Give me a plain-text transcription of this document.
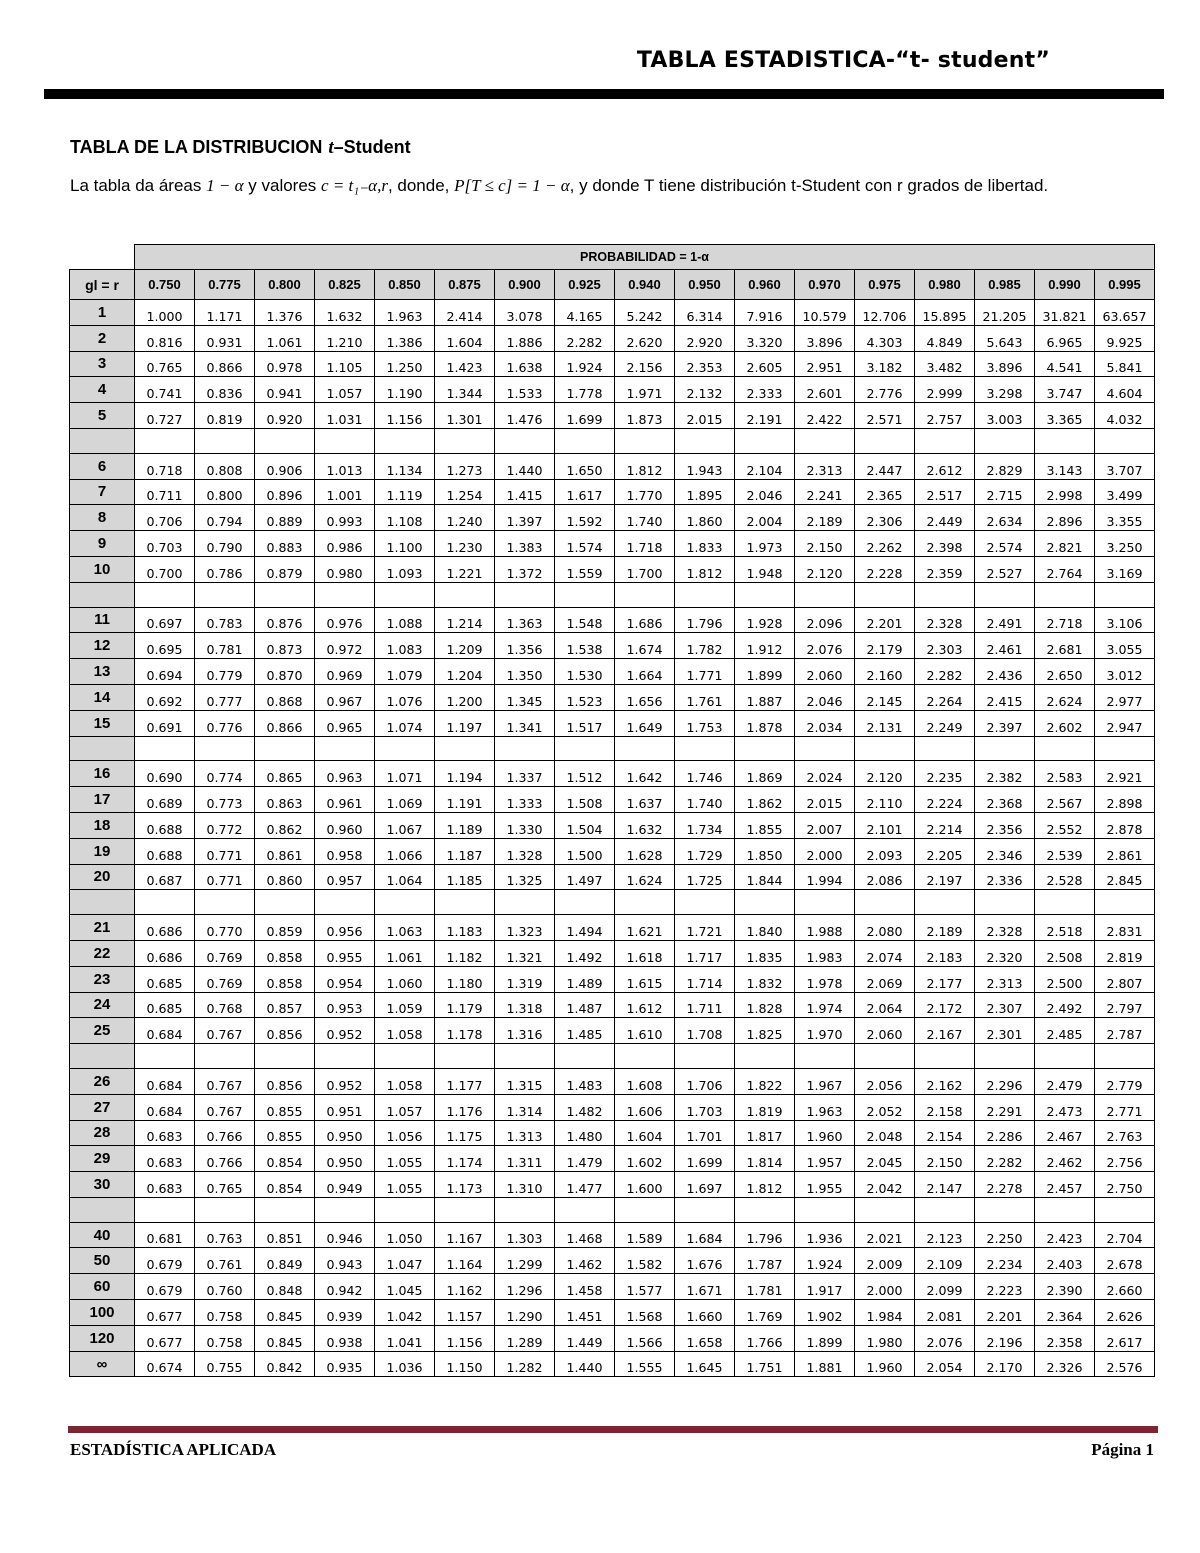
TABLA ESTADISTICA-“t- student”
TABLA DE LA DISTRIBUCION t–Student
La tabla da áreas 1 − α y valores c = t₁₋α,r, donde, P[T ≤ c] = 1 − α, y donde T tiene distribución t-Student con r grados de libertad.
	PROBABILIDAD = 1-α																
gl = r	0.750	0.775	0.800	0.825	0.850	0.875	0.900	0.925	0.940	0.950	0.960	0.970	0.975	0.980	0.985	0.990	0.995
1	1.000	1.171	1.376	1.632	1.963	2.414	3.078	4.165	5.242	6.314	7.916	10.579	12.706	15.895	21.205	31.821	63.657
2	0.816	0.931	1.061	1.210	1.386	1.604	1.886	2.282	2.620	2.920	3.320	3.896	4.303	4.849	5.643	6.965	9.925
3	0.765	0.866	0.978	1.105	1.250	1.423	1.638	1.924	2.156	2.353	2.605	2.951	3.182	3.482	3.896	4.541	5.841
4	0.741	0.836	0.941	1.057	1.190	1.344	1.533	1.778	1.971	2.132	2.333	2.601	2.776	2.999	3.298	3.747	4.604
5	0.727	0.819	0.920	1.031	1.156	1.301	1.476	1.699	1.873	2.015	2.191	2.422	2.571	2.757	3.003	3.365	4.032

6	0.718	0.808	0.906	1.013	1.134	1.273	1.440	1.650	1.812	1.943	2.104	2.313	2.447	2.612	2.829	3.143	3.707
7	0.711	0.800	0.896	1.001	1.119	1.254	1.415	1.617	1.770	1.895	2.046	2.241	2.365	2.517	2.715	2.998	3.499
8	0.706	0.794	0.889	0.993	1.108	1.240	1.397	1.592	1.740	1.860	2.004	2.189	2.306	2.449	2.634	2.896	3.355
9	0.703	0.790	0.883	0.986	1.100	1.230	1.383	1.574	1.718	1.833	1.973	2.150	2.262	2.398	2.574	2.821	3.250
10	0.700	0.786	0.879	0.980	1.093	1.221	1.372	1.559	1.700	1.812	1.948	2.120	2.228	2.359	2.527	2.764	3.169

11	0.697	0.783	0.876	0.976	1.088	1.214	1.363	1.548	1.686	1.796	1.928	2.096	2.201	2.328	2.491	2.718	3.106
12	0.695	0.781	0.873	0.972	1.083	1.209	1.356	1.538	1.674	1.782	1.912	2.076	2.179	2.303	2.461	2.681	3.055
13	0.694	0.779	0.870	0.969	1.079	1.204	1.350	1.530	1.664	1.771	1.899	2.060	2.160	2.282	2.436	2.650	3.012
14	0.692	0.777	0.868	0.967	1.076	1.200	1.345	1.523	1.656	1.761	1.887	2.046	2.145	2.264	2.415	2.624	2.977
15	0.691	0.776	0.866	0.965	1.074	1.197	1.341	1.517	1.649	1.753	1.878	2.034	2.131	2.249	2.397	2.602	2.947

16	0.690	0.774	0.865	0.963	1.071	1.194	1.337	1.512	1.642	1.746	1.869	2.024	2.120	2.235	2.382	2.583	2.921
17	0.689	0.773	0.863	0.961	1.069	1.191	1.333	1.508	1.637	1.740	1.862	2.015	2.110	2.224	2.368	2.567	2.898
18	0.688	0.772	0.862	0.960	1.067	1.189	1.330	1.504	1.632	1.734	1.855	2.007	2.101	2.214	2.356	2.552	2.878
19	0.688	0.771	0.861	0.958	1.066	1.187	1.328	1.500	1.628	1.729	1.850	2.000	2.093	2.205	2.346	2.539	2.861
20	0.687	0.771	0.860	0.957	1.064	1.185	1.325	1.497	1.624	1.725	1.844	1.994	2.086	2.197	2.336	2.528	2.845

21	0.686	0.770	0.859	0.956	1.063	1.183	1.323	1.494	1.621	1.721	1.840	1.988	2.080	2.189	2.328	2.518	2.831
22	0.686	0.769	0.858	0.955	1.061	1.182	1.321	1.492	1.618	1.717	1.835	1.983	2.074	2.183	2.320	2.508	2.819
23	0.685	0.769	0.858	0.954	1.060	1.180	1.319	1.489	1.615	1.714	1.832	1.978	2.069	2.177	2.313	2.500	2.807
24	0.685	0.768	0.857	0.953	1.059	1.179	1.318	1.487	1.612	1.711	1.828	1.974	2.064	2.172	2.307	2.492	2.797
25	0.684	0.767	0.856	0.952	1.058	1.178	1.316	1.485	1.610	1.708	1.825	1.970	2.060	2.167	2.301	2.485	2.787

26	0.684	0.767	0.856	0.952	1.058	1.177	1.315	1.483	1.608	1.706	1.822	1.967	2.056	2.162	2.296	2.479	2.779
27	0.684	0.767	0.855	0.951	1.057	1.176	1.314	1.482	1.606	1.703	1.819	1.963	2.052	2.158	2.291	2.473	2.771
28	0.683	0.766	0.855	0.950	1.056	1.175	1.313	1.480	1.604	1.701	1.817	1.960	2.048	2.154	2.286	2.467	2.763
29	0.683	0.766	0.854	0.950	1.055	1.174	1.311	1.479	1.602	1.699	1.814	1.957	2.045	2.150	2.282	2.462	2.756
30	0.683	0.765	0.854	0.949	1.055	1.173	1.310	1.477	1.600	1.697	1.812	1.955	2.042	2.147	2.278	2.457	2.750

40	0.681	0.763	0.851	0.946	1.050	1.167	1.303	1.468	1.589	1.684	1.796	1.936	2.021	2.123	2.250	2.423	2.704
50	0.679	0.761	0.849	0.943	1.047	1.164	1.299	1.462	1.582	1.676	1.787	1.924	2.009	2.109	2.234	2.403	2.678
60	0.679	0.760	0.848	0.942	1.045	1.162	1.296	1.458	1.577	1.671	1.781	1.917	2.000	2.099	2.223	2.390	2.660
100	0.677	0.758	0.845	0.939	1.042	1.157	1.290	1.451	1.568	1.660	1.769	1.902	1.984	2.081	2.201	2.364	2.626
120	0.677	0.758	0.845	0.938	1.041	1.156	1.289	1.449	1.566	1.658	1.766	1.899	1.980	2.076	2.196	2.358	2.617
∞	0.674	0.755	0.842	0.935	1.036	1.150	1.282	1.440	1.555	1.645	1.751	1.881	1.960	2.054	2.170	2.326	2.576
ESTADÍSTICA APLICADA	Página 1
